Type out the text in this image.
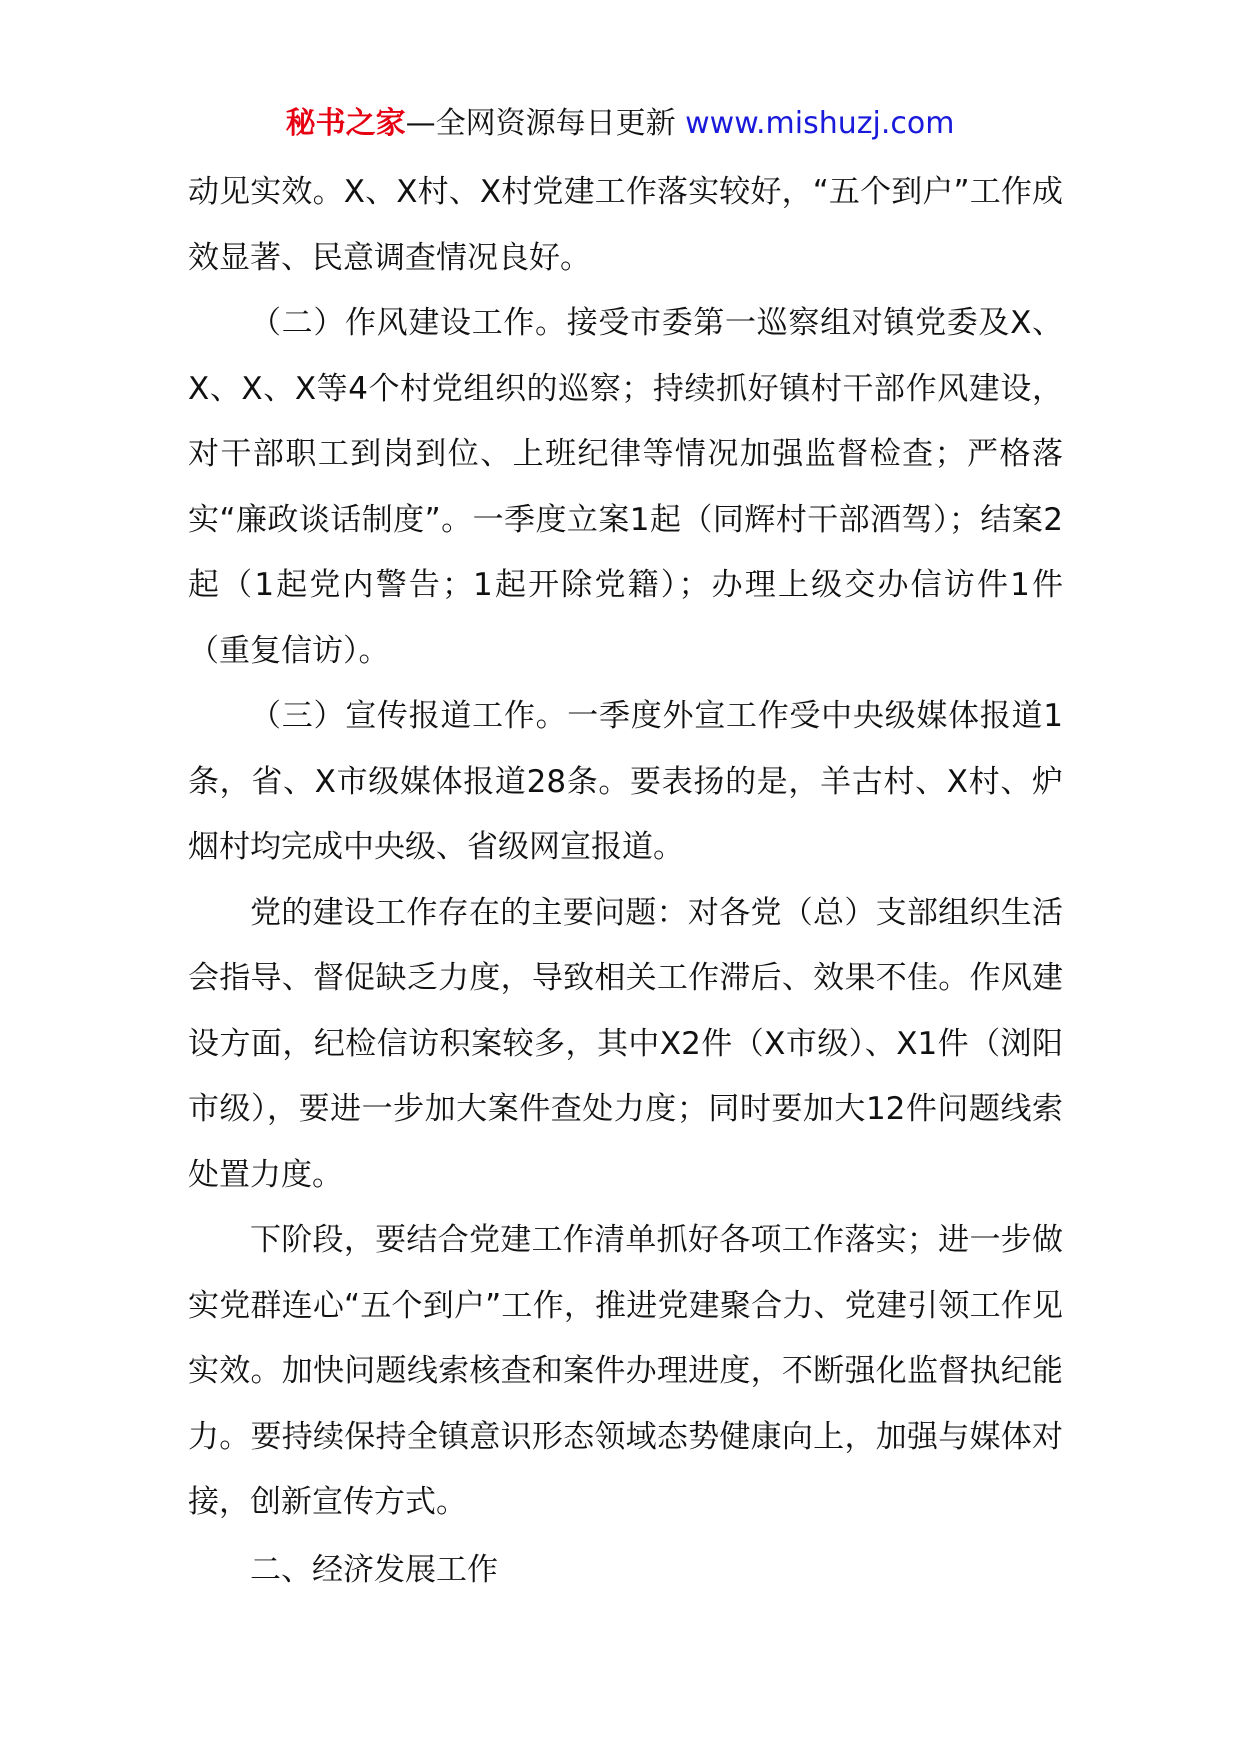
秘书之家—全网资源每日更新 www.mishuzj.com

动见实效。X、X村、X村党建工作落实较好，“五个到户”工作成效显著、民意调查情况良好。

（二）作风建设工作。接受市委第一巡察组对镇党委及X、X、X、X等4个村党组织的巡察；持续抓好镇村干部作风建设，对干部职工到岗到位、上班纪律等情况加强监督检查；严格落实“廉政谈话制度”。一季度立案1起（同辉村干部酒驾）；结案2起（1起党内警告；1起开除党籍）；办理上级交办信访件1件（重复信访）。

（三）宣传报道工作。一季度外宣工作受中央级媒体报道1条，省、X市级媒体报道28条。要表扬的是，羊古村、X村、炉烟村均完成中央级、省级网宣报道。

党的建设工作存在的主要问题：对各党（总）支部组织生活会指导、督促缺乏力度，导致相关工作滞后、效果不佳。作风建设方面，纪检信访积案较多，其中X2件（X市级）、X1件（浏阳市级），要进一步加大案件查处力度；同时要加大12件问题线索处置力度。

下阶段，要结合党建工作清单抓好各项工作落实；进一步做实党群连心“五个到户”工作，推进党建聚合力、党建引领工作见实效。加快问题线索核查和案件办理进度，不断强化监督执纪能力。要持续保持全镇意识形态领域态势健康向上，加强与媒体对接，创新宣传方式。

二、经济发展工作
